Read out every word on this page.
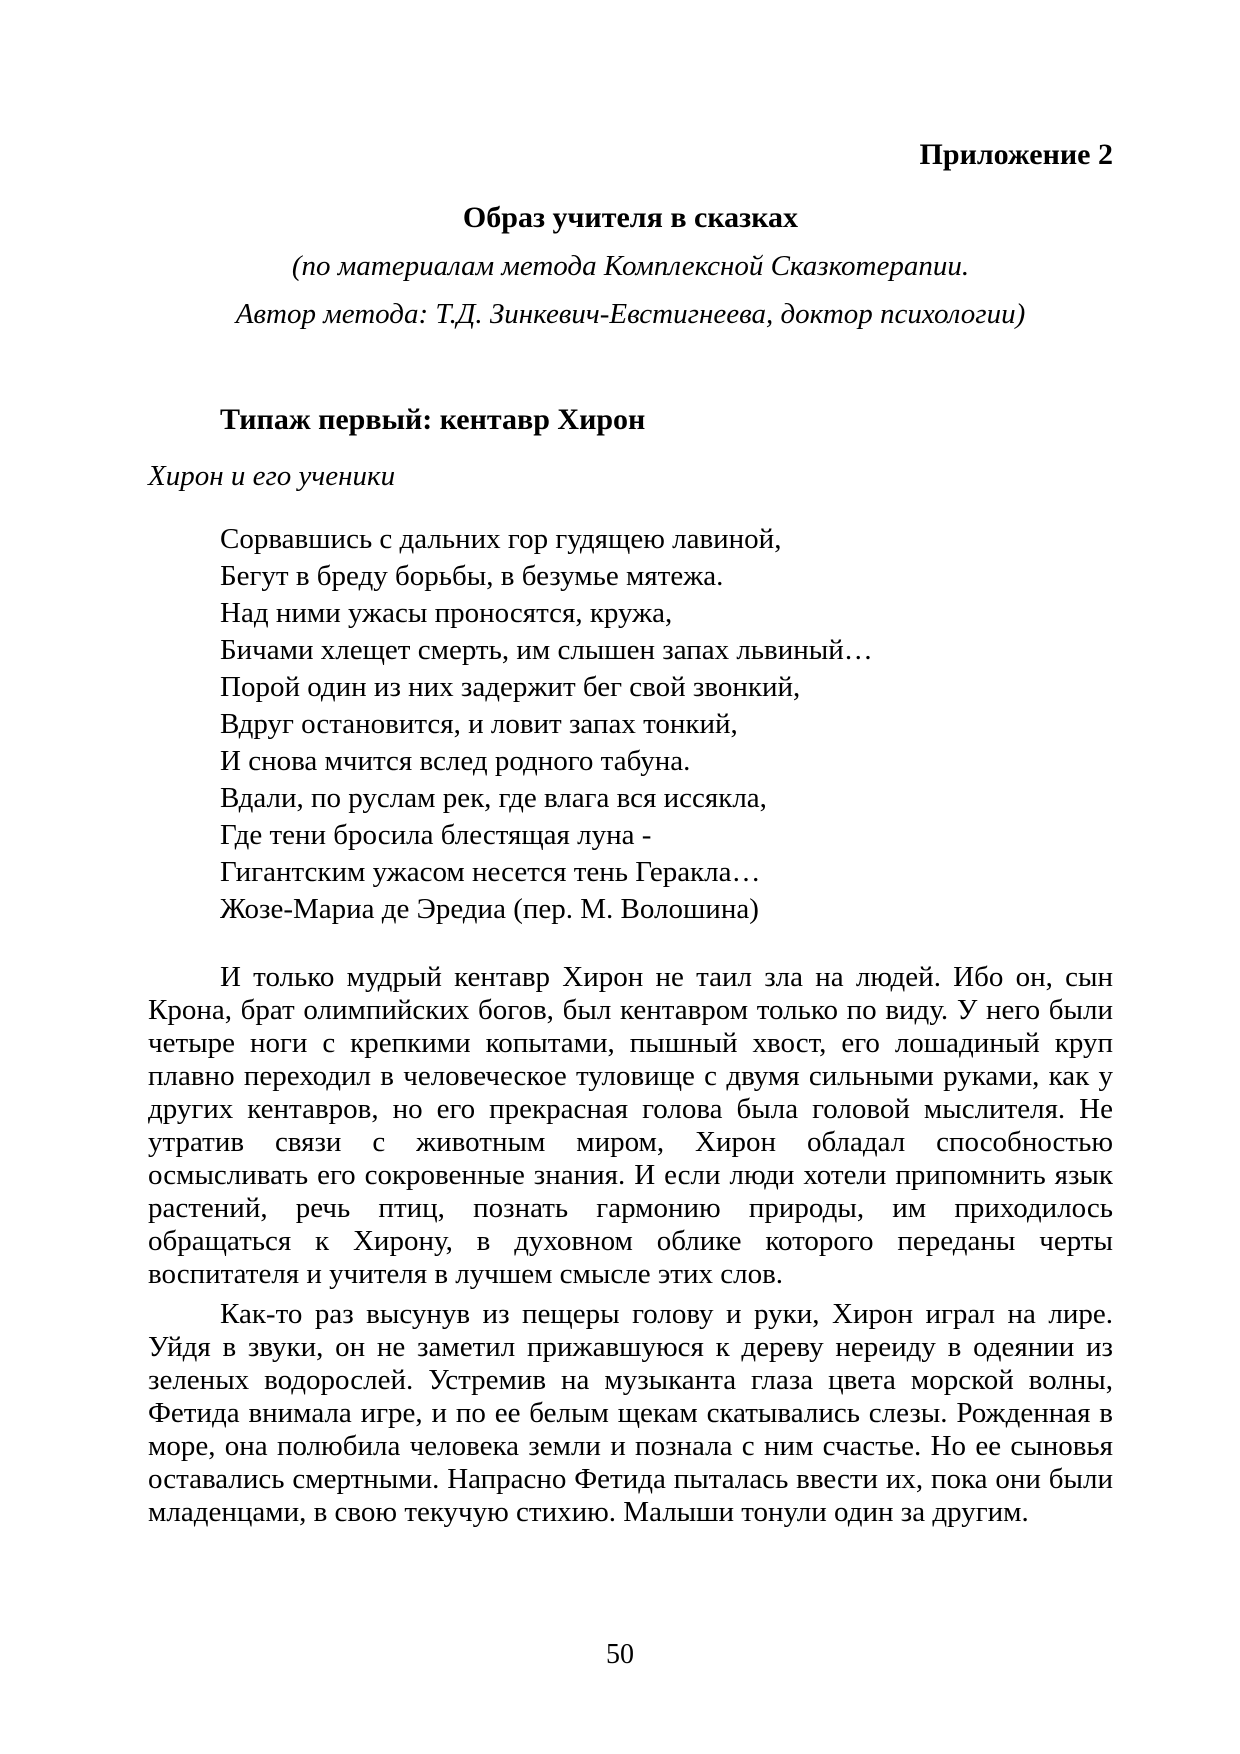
Приложение 2

Образ учителя в сказках

(по материалам метода Комплексной Сказкотерапии.

Автор метода: Т.Д. Зинкевич-Евстигнеева, доктор психологии)

Типаж первый: кентавр Хирон

Хирон и его ученики

Сорвавшись с дальних гор гудящею лавиной,
Бегут в бреду борьбы, в безумье мятежа.
Над ними ужасы проносятся, кружа,
Бичами хлещет смерть, им слышен запах львиный…
Порой один из них задержит бег свой звонкий,
Вдруг остановится, и ловит запах тонкий,
И снова мчится вслед родного табуна.
Вдали, по руслам рек, где влага вся иссякла,
Где тени бросила блестящая луна -
Гигантским ужасом несется тень Геракла…
Жозе-Мариа де Эредиа (пер. М. Волошина)

И только мудрый кентавр Хирон не таил зла на людей. Ибо он, сын Крона, брат олимпийских богов, был кентавром только по виду. У него были четыре ноги с крепкими копытами, пышный хвост, его лошадиный круп плавно переходил в человеческое туловище с двумя сильными руками, как у других кентавров, но его прекрасная голова была головой мыслителя. Не утратив связи с животным миром, Хирон обладал способностью осмысливать его сокровенные знания. И если люди хотели припомнить язык растений, речь птиц, познать гармонию природы, им приходилось обращаться к Хирону, в духовном облике которого переданы черты воспитателя и учителя в лучшем смысле этих слов.

Как-то раз высунув из пещеры голову и руки, Хирон играл на лире. Уйдя в звуки, он не заметил прижавшуюся к дереву нереиду в одеянии из зеленых водорослей. Устремив на музыканта глаза цвета морской волны, Фетида внимала игре, и по ее белым щекам скатывались слезы. Рожденная в море, она полюбила человека земли и познала с ним счастье. Но ее сыновья оставались смертными. Напрасно Фетида пыталась ввести их, пока они были младенцами, в свою текучую стихию. Малыши тонули один за другим.

50
